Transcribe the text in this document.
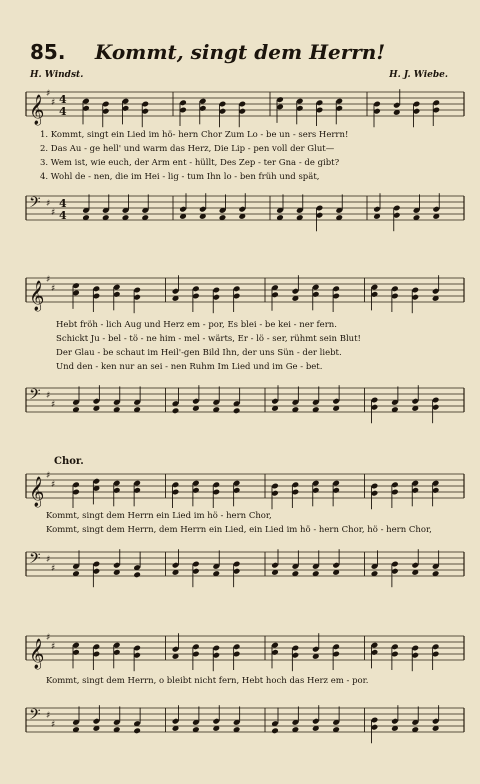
85.	Kommt, singt dem Herrn!
H. Windst.	H. J. Wiebe.
𝄞
♯
♯ 4
4
1. Kommt, singt ein Lied im hö- hern Chor Zum Lo - be un - sers Herrn!
2. Das Au - ge hell' und warm das Herz, Die Lip - pen voll der Glut—
3. Wem ist, wie euch, der Arm ent - hüllt, Des Zep - ter Gna - de gibt?
4. Wohl de - nen, die im Hei - lig - tum Ihn lo - ben früh und spät,
𝄢 ♯
♯
4
4
𝄞
♯
♯
Hebt fröh - lich Aug und Herz em - por, Es blei - be kei - ner fern.
Schickt Ju - bel - tö - ne him - mel - wärts, Er - lö - ser, rühmt sein Blut!
Der Glau - be schaut im Heil'-gen Bild Ihn, der uns Sün - der liebt.
Und den - ken nur an sei - nen Ruhm Im Lied und im Ge - bet.
𝄢 ♯
♯
Chor.
𝄞
♯
♯
Kommt, singt dem Herrn ein Lied im hö - hern Chor,
Kommt, singt dem Herrn, dem Herrn ein Lied, ein Lied im hö - hern Chor, hö - hern Chor,
𝄢 ♯
♯
𝄞
♯
♯
Kommt, singt dem Herrn, o bleibt nicht fern, Hebt hoch das Herz em - por.
𝄢 ♯
♯
